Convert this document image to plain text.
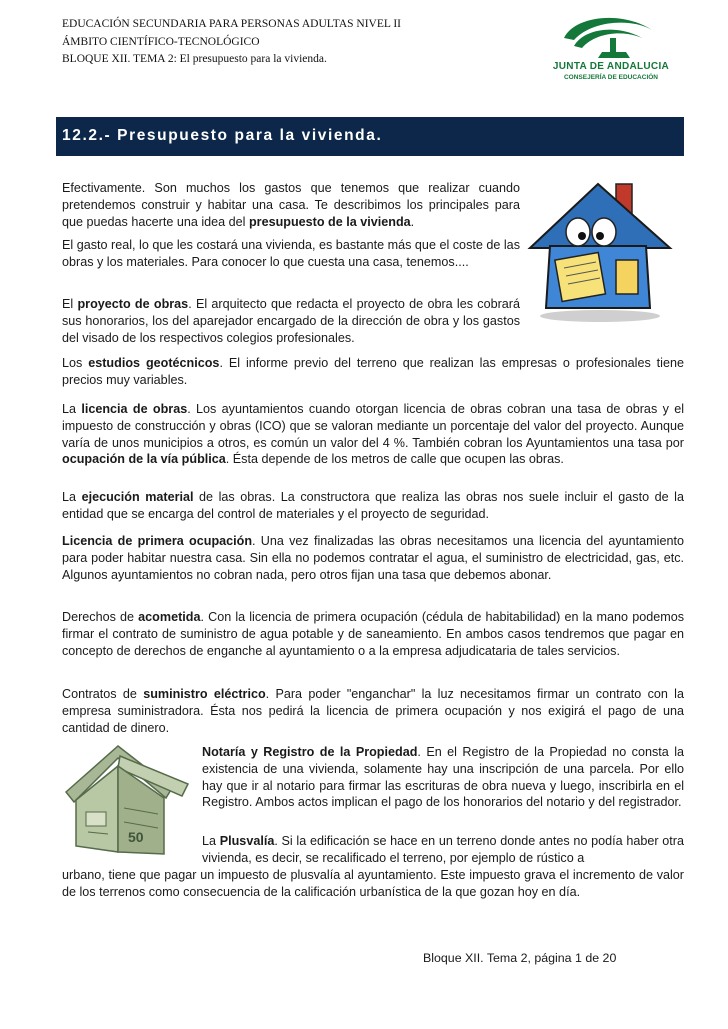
EDUCACIÓN SECUNDARIA PARA PERSONAS ADULTAS NIVEL II
ÁMBITO CIENTÍFICO-TECNOLÓGICO
BLOQUE XII. TEMA 2: El presupuesto para la vivienda.
JUNTA DE ANDALUCIA
CONSEJERÍA DE EDUCACIÓN
12.2.- Presupuesto para la vivienda.

Efectivamente. Son muchos los gastos que tenemos que realizar cuando pretendemos construir y habitar una casa. Te describimos los principales para que puedas hacerte una idea del presupuesto de la vivienda.

El gasto real, lo que les costará una vivienda, es bastante más que el coste de las obras y los materiales. Para conocer lo que cuesta una casa, tenemos....

El proyecto de obras. El arquitecto que redacta el proyecto de obra les cobrará sus honorarios, los del aparejador encargado de la dirección de obra y los gastos del visado de los respectivos colegios profesionales.

Los estudios geotécnicos. El informe previo del terreno que realizan las empresas o profesionales tiene precios muy variables.

La licencia de obras. Los ayuntamientos cuando otorgan licencia de obras cobran una tasa de obras y el impuesto de construcción y obras (ICO) que se valoran mediante un porcentaje del valor del proyecto. Aunque varía de unos municipios a otros, es común un valor del 4 %. También cobran los Ayuntamientos una tasa por ocupación de la vía pública. Ésta depende de los metros de calle que ocupen las obras.

La ejecución material de las obras. La constructora que realiza las obras nos suele incluir el gasto de la entidad que se encarga del control de materiales y el proyecto de seguridad.

Licencia de primera ocupación. Una vez finalizadas las obras necesitamos una licencia del ayuntamiento para poder habitar nuestra casa. Sin ella no podemos contratar el agua, el suministro de electricidad, gas, etc. Algunos ayuntamientos no cobran nada, pero otros fijan una tasa que debemos abonar.

Derechos de acometida. Con la licencia de primera ocupación (cédula de habitabilidad) en la mano podemos firmar el contrato de suministro de agua potable y de saneamiento. En ambos casos tendremos que pagar en concepto de derechos de enganche al ayuntamiento o a la empresa adjudicataria de tales servicios.

Contratos de suministro eléctrico. Para poder "enganchar" la luz necesitamos firmar un contrato con la empresa suministradora. Ésta nos pedirá la licencia de primera ocupación y nos exigirá el pago de una cantidad de dinero.

50

Notaría y Registro de la Propiedad. En el Registro de la Propiedad no consta la existencia de una vivienda, solamente hay una inscripción de una parcela. Por ello hay que ir al notario para firmar las escrituras de obra nueva y luego, inscribirla en el Registro. Ambos actos implican el pago de los honorarios del notario y del registrador.

La Plusvalía. Si la edificación se hace en un terreno donde antes no podía haber otra vivienda, es decir, se recalificado el terreno, por ejemplo de rústico a

urbano, tiene que pagar un impuesto de plusvalía al ayuntamiento. Este impuesto grava el incremento de valor de los terrenos como consecuencia de la calificación urbanística de la que gozan hoy en día.

Bloque XII. Tema 2, página 1 de 20
